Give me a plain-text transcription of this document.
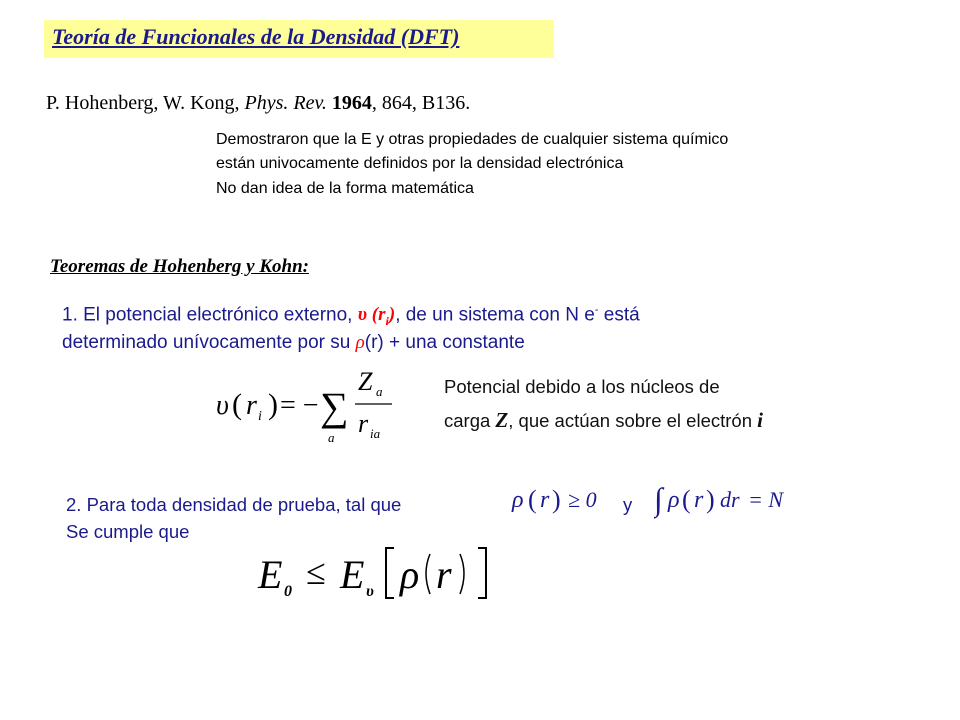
Teoría de Funcionales de la Densidad (DFT)
P. Hohenberg, W. Kong, Phys. Rev. 1964, 864, B136.
Demostraron que la E y otras propiedades de cualquier sistema químico
están univocamente definidos por la densidad electrónica
No dan idea de la forma matemática
Teoremas de Hohenberg y Kohn:
1. El potencial electrónico externo, υ $(r_i)$, de un sistema con N e- está
determinado unívocamente por su ρ(r) + una constante
υ ( r i ) = − ∑
a
Z a
r ia
Potencial debido a los núcleos de
carga Z, que actúan sobre el electrón i
2. Para toda densidad de prueba, tal que
Se cumple que
y
ρ ( r ) ≥ 0 ∫ ρ ( r ) dr = N
E 0 ≤ E υ ρ r
